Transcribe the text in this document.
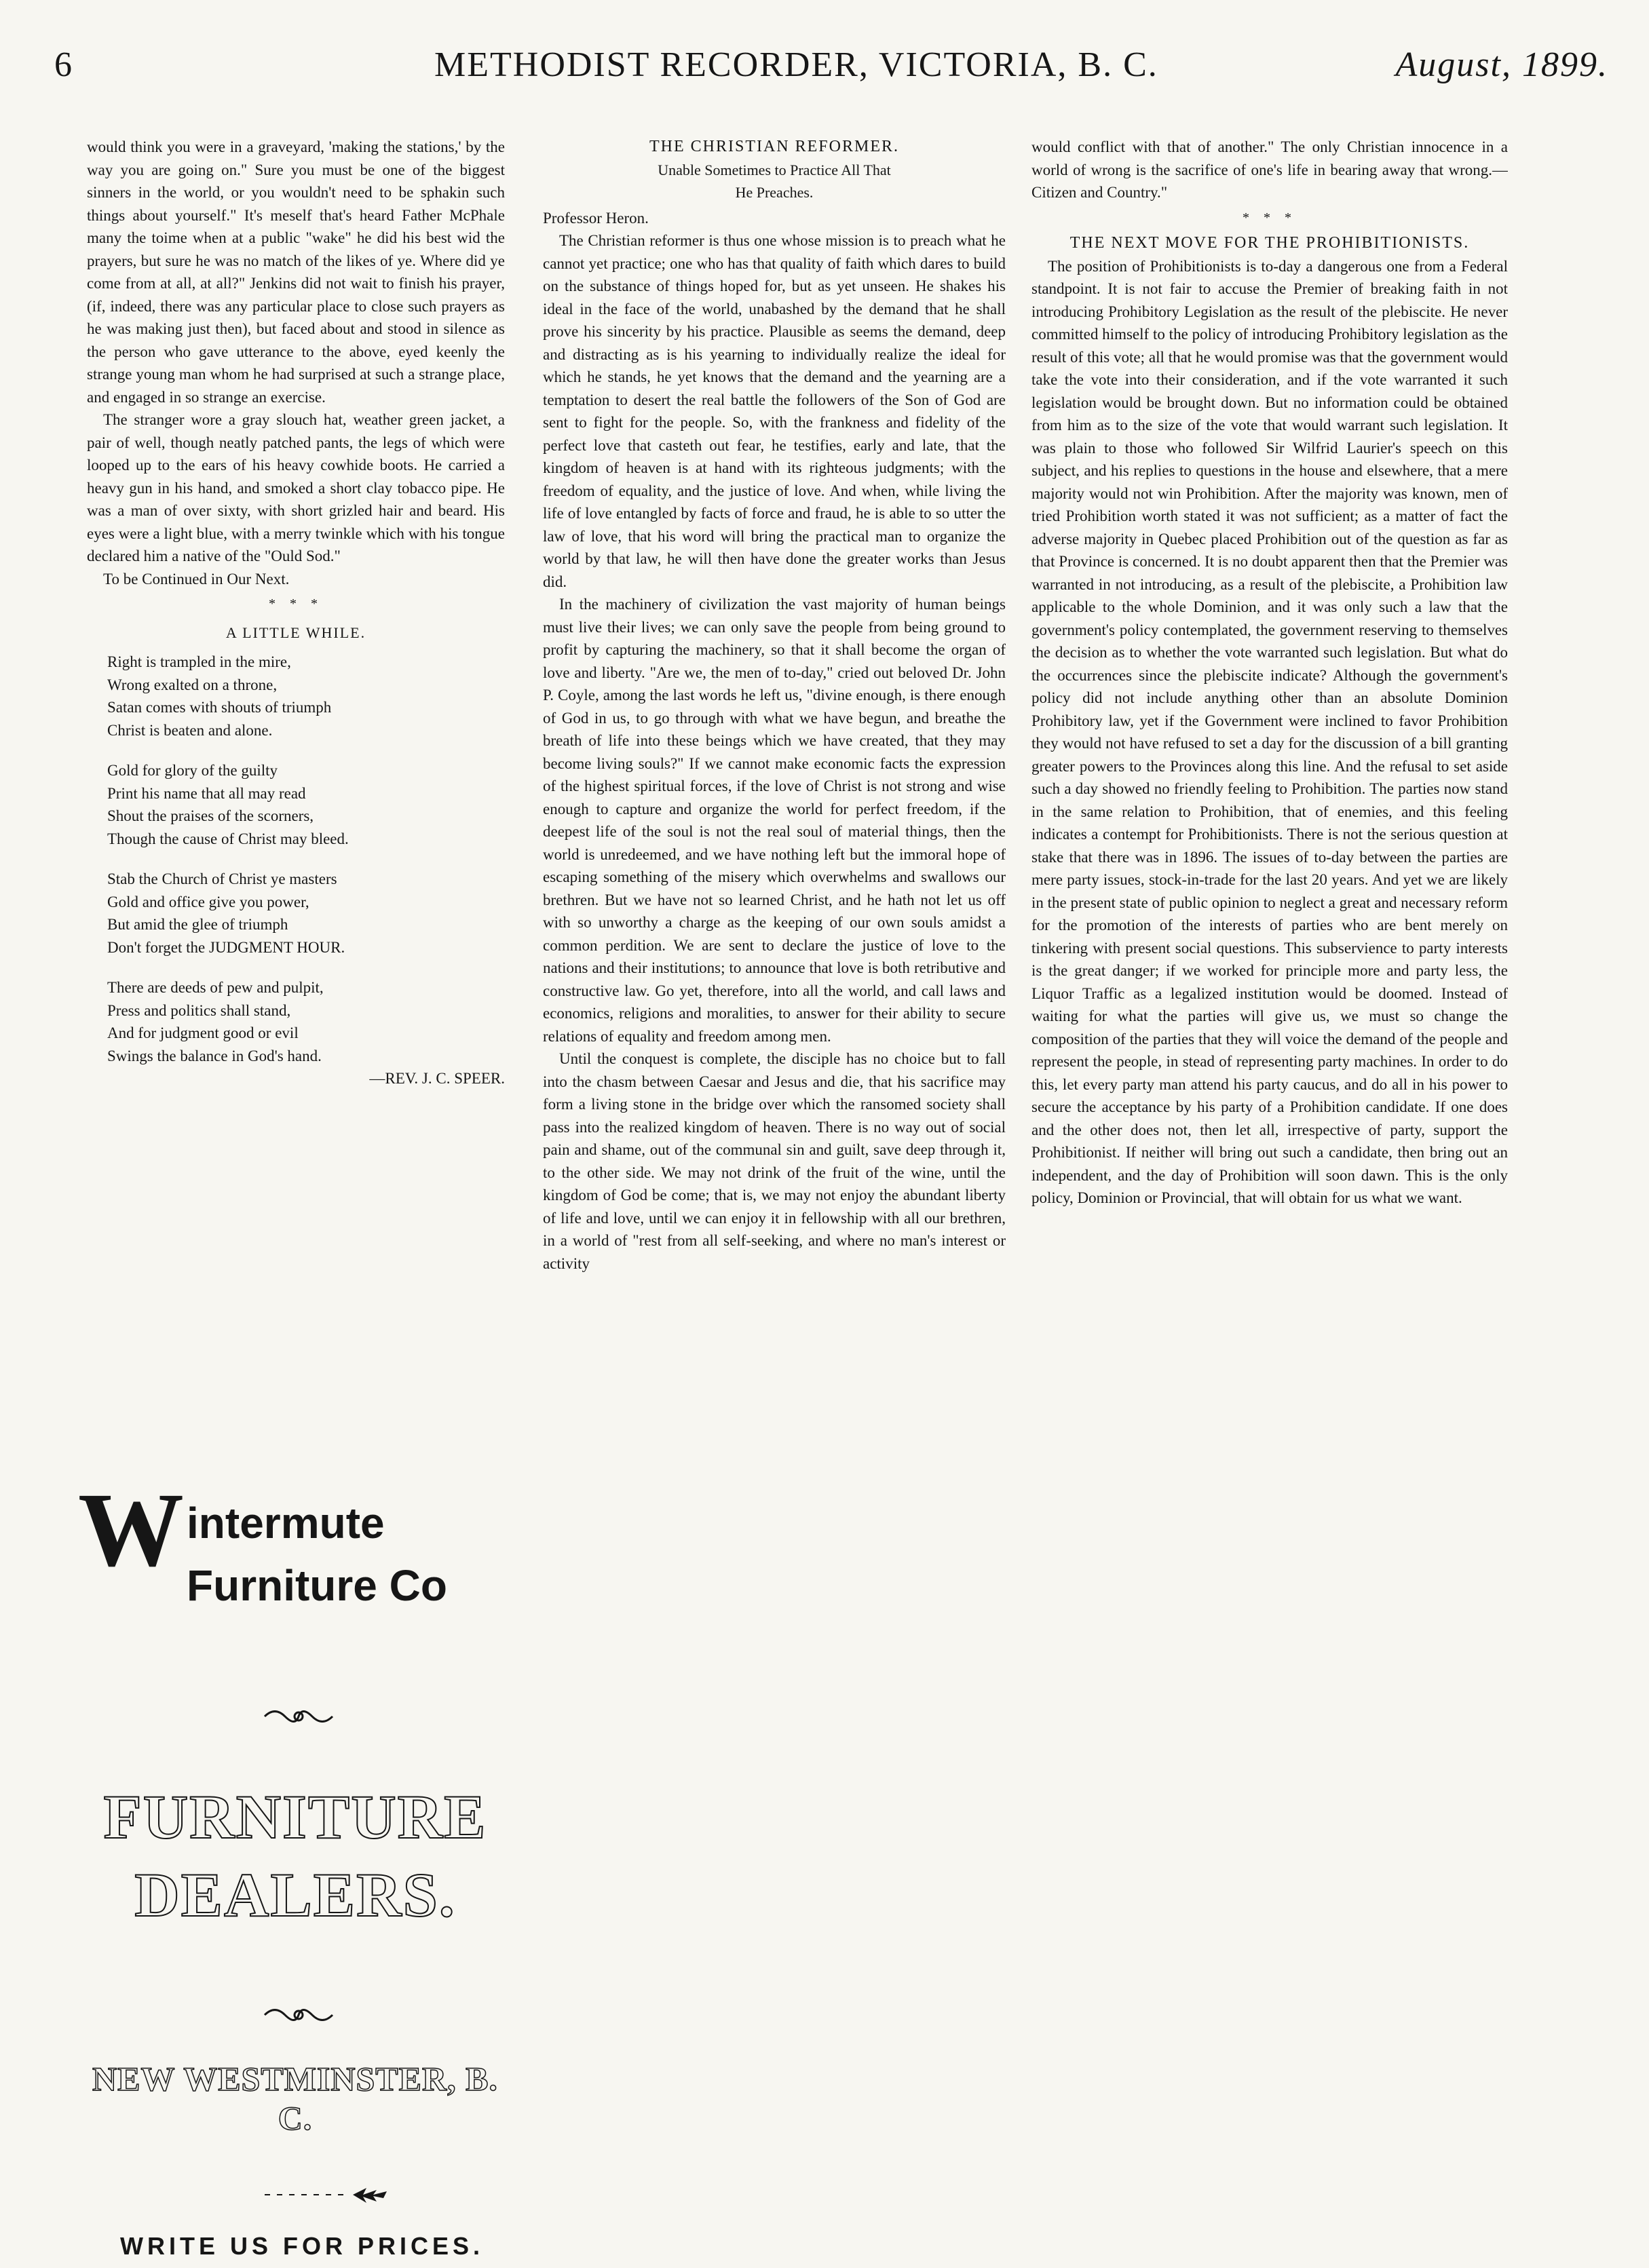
6	METHODIST RECORDER, VICTORIA, B. C.	August, 1899.

would think you were in a graveyard, 'making the stations,' by the way you are going on." Sure you must be one of the biggest sinners in the world, or you wouldn't need to be sphakin such things about yourself." It's meself that's heard Father McPhale many the toime when at a public "wake" he did his best wid the prayers, but sure he was no match of the likes of ye. Where did ye come from at all, at all?" Jenkins did not wait to finish his prayer, (if, indeed, there was any particular place to close such prayers as he was making just then), but faced about and stood in silence as the person who gave utterance to the above, eyed keenly the strange young man whom he had surprised at such a strange place, and engaged in so strange an exercise.

The stranger wore a gray slouch hat, weather green jacket, a pair of well, though neatly patched pants, the legs of which were looped up to the ears of his heavy cowhide boots. He carried a heavy gun in his hand, and smoked a short clay tobacco pipe. He was a man of over sixty, with short grizled hair and beard. His eyes were a light blue, with a merry twinkle which with his tongue declared him a native of the "Ould Sod."

To be Continued in Our Next.

* * *
A LITTLE WHILE.
Right is trampled in the mire,
Wrong exalted on a throne,
Satan comes with shouts of triumph
Christ is beaten and alone.
Gold for glory of the guilty
Print his name that all may read
Shout the praises of the scorners,
Though the cause of Christ may bleed.
Stab the Church of Christ ye masters
Gold and office give you power,
But amid the glee of triumph
Don't forget the JUDGMENT HOUR.
There are deeds of pew and pulpit,
Press and politics shall stand,
And for judgment good or evil
Swings the balance in God's hand.
—REV. J. C. SPEER.
W intermute
Furniture Co
FURNITURE
DEALERS.
NEW WESTMINSTER, B. C.
WRITE US FOR PRICES.
THE CHRISTIAN REFORMER.
Unable Sometimes to Practice All That
He Preaches.

Professor Heron.

The Christian reformer is thus one whose mission is to preach what he cannot yet practice; one who has that quality of faith which dares to build on the substance of things hoped for, but as yet unseen. He shakes his ideal in the face of the world, unabashed by the demand that he shall prove his sincerity by his practice. Plausible as seems the demand, deep and distracting as is his yearning to individually realize the ideal for which he stands, he yet knows that the demand and the yearning are a temptation to desert the real battle the followers of the Son of God are sent to fight for the people. So, with the frankness and fidelity of the perfect love that casteth out fear, he testifies, early and late, that the kingdom of heaven is at hand with its righteous judgments; with the freedom of equality, and the justice of love. And when, while living the life of love entangled by facts of force and fraud, he is able to so utter the law of love, that his word will bring the practical man to organize the world by that law, he will then have done the greater works than Jesus did.

In the machinery of civilization the vast majority of human beings must live their lives; we can only save the people from being ground to profit by capturing the machinery, so that it shall become the organ of love and liberty. "Are we, the men of to-day," cried out beloved Dr. John P. Coyle, among the last words he left us, "divine enough, is there enough of God in us, to go through with what we have begun, and breathe the breath of life into these beings which we have created, that they may become living souls?" If we cannot make economic facts the expression of the highest spiritual forces, if the love of Christ is not strong and wise enough to capture and organize the world for perfect freedom, if the deepest life of the soul is not the real soul of material things, then the world is unredeemed, and we have nothing left but the immoral hope of escaping something of the misery which overwhelms and swallows our brethren. But we have not so learned Christ, and he hath not let us off with so unworthy a charge as the keeping of our own souls amidst a common perdition. We are sent to declare the justice of love to the nations and their institutions; to announce that love is both retributive and constructive law. Go yet, therefore, into all the world, and call laws and economics, religions and moralities, to answer for their ability to secure relations of equality and freedom among men.

Until the conquest is complete, the disciple has no choice but to fall into the chasm between Caesar and Jesus and die, that his sacrifice may form a living stone in the bridge over which the ransomed society shall pass into the realized kingdom of heaven. There is no way out of social pain and shame, out of the communal sin and guilt, save deep through it, to the other side. We may not drink of the fruit of the wine, until the kingdom of God be come; that is, we may not enjoy the abundant liberty of life and love, until we can enjoy it in fellowship with all our brethren, in a world of "rest from all self-seeking, and where no man's interest or activity

would conflict with that of another." The only Christian innocence in a world of wrong is the sacrifice of one's life in bearing away that wrong.—Citizen and Country."

* * *
THE NEXT MOVE FOR THE PROHIBITIONISTS.

The position of Prohibitionists is to-day a dangerous one from a Federal standpoint. It is not fair to accuse the Premier of breaking faith in not introducing Prohibitory Legislation as the result of the plebiscite. He never committed himself to the policy of introducing Prohibitory legislation as the result of this vote; all that he would promise was that the government would take the vote into their consideration, and if the vote warranted it such legislation would be brought down. But no information could be obtained from him as to the size of the vote that would warrant such legislation. It was plain to those who followed Sir Wilfrid Laurier's speech on this subject, and his replies to questions in the house and elsewhere, that a mere majority would not win Prohibition. After the majority was known, men of tried Prohibition worth stated it was not sufficient; as a matter of fact the adverse majority in Quebec placed Prohibition out of the question as far as that Province is concerned. It is no doubt apparent then that the Premier was warranted in not introducing, as a result of the plebiscite, a Prohibition law applicable to the whole Dominion, and it was only such a law that the government's policy contemplated, the government reserving to themselves the decision as to whether the vote warranted such legislation. But what do the occurrences since the plebiscite indicate? Although the government's policy did not include anything other than an absolute Dominion Prohibitory law, yet if the Government were inclined to favor Prohibition they would not have refused to set a day for the discussion of a bill granting greater powers to the Provinces along this line. And the refusal to set aside such a day showed no friendly feeling to Prohibition. The parties now stand in the same relation to Prohibition, that of enemies, and this feeling indicates a contempt for Prohibitionists. There is not the serious question at stake that there was in 1896. The issues of to-day between the parties are mere party issues, stock-in-trade for the last 20 years. And yet we are likely in the present state of public opinion to neglect a great and necessary reform for the promotion of the interests of parties who are bent merely on tinkering with present social questions. This subservience to party interests is the great danger; if we worked for principle more and party less, the Liquor Traffic as a legalized institution would be doomed. Instead of waiting for what the parties will give us, we must so change the composition of the parties that they will voice the demand of the people and represent the people, in stead of representing party machines. In order to do this, let every party man attend his party caucus, and do all in his power to secure the acceptance by his party of a Prohibition candidate. If one does and the other does not, then let all, irrespective of party, support the Prohibitionist. If neither will bring out such a candidate, then bring out an independent, and the day of Prohibition will soon dawn. This is the only policy, Dominion or Provincial, that will obtain for us what we want.
